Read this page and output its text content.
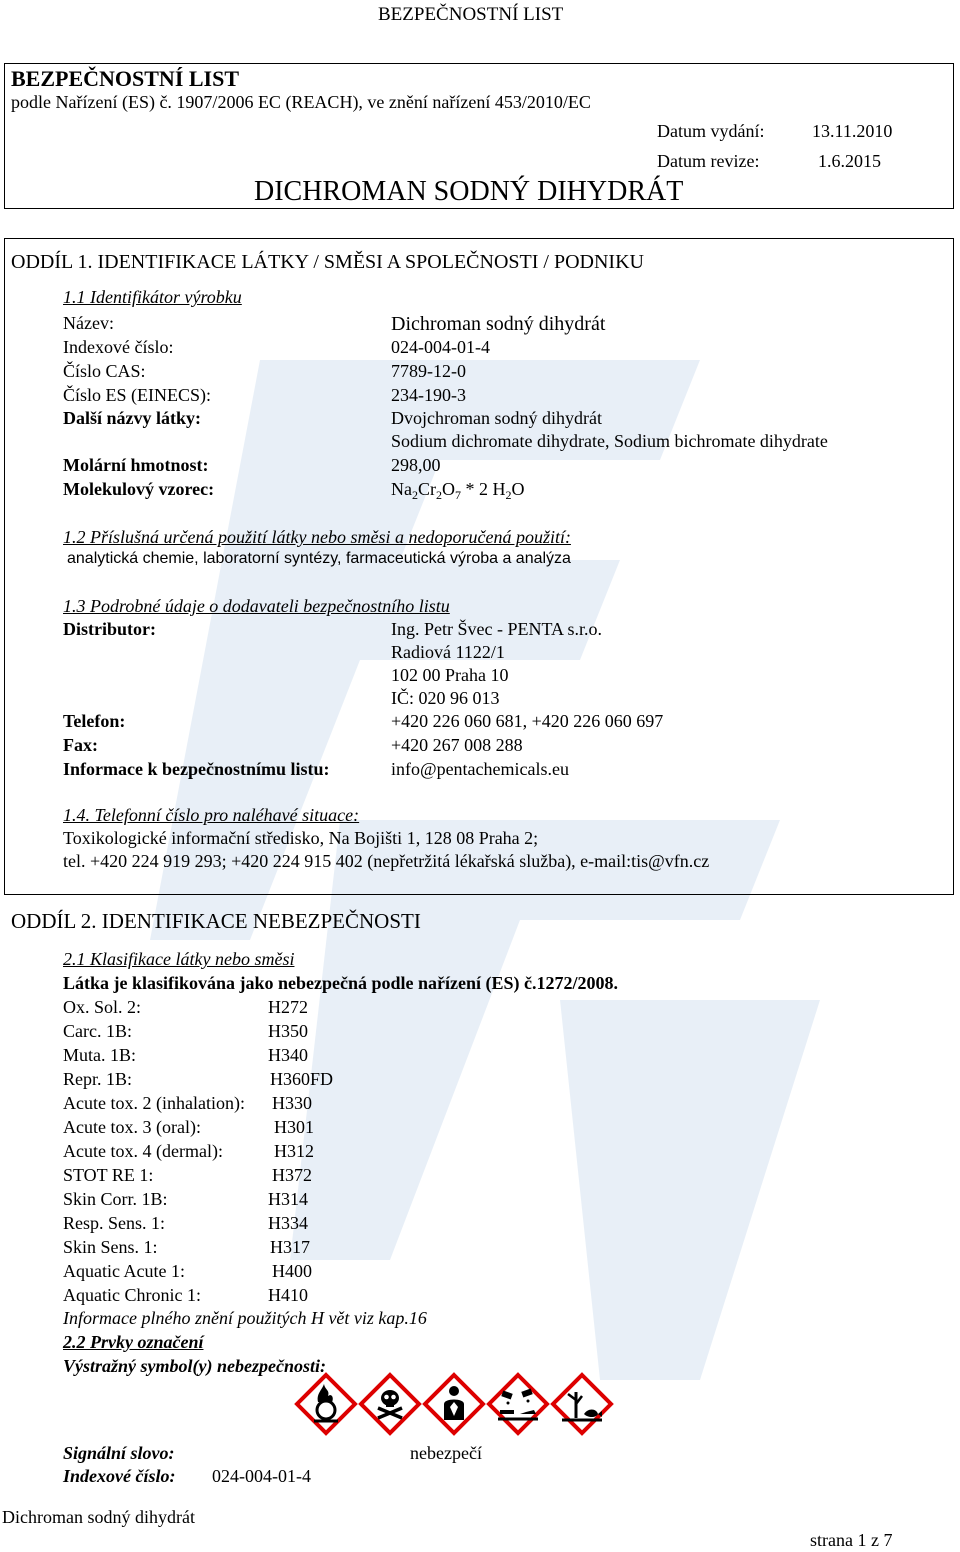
BEZPEČNOSTNÍ LIST
BEZPEČNOSTNÍ LIST
podle Nařízení (ES) č. 1907/2006 EC (REACH), ve znění nařízení 453/2010/EC
Datum vydání:	13.11.2010
Datum revize:	1.6.2015
DICHROMAN SODNÝ DIHYDRÁT
ODDÍL 1. IDENTIFIKACE LÁTKY / SMĚSI A SPOLEČNOSTI / PODNIKU
1.1 Identifikátor výrobku
Název:	Dichroman sodný dihydrát
Indexové číslo:	024-004-01-4
Číslo CAS:	7789-12-0
Číslo ES (EINECS):	234-190-3
Další názvy látky:	Dvojchroman sodný dihydrát
Sodium dichromate dihydrate, Sodium bichromate dihydrate
Molární hmotnost:	298,00
Molekulový vzorec:	$Na_2Cr_2O_7 * 2$ $H_2O$
1.2 Příslušná určená použití látky nebo směsi a nedoporučená použití:
analytická chemie, laboratorní syntézy, farmaceutická výroba a analýza
1.3 Podrobné údaje o dodavateli bezpečnostního listu
Distributor:	Ing. Petr Švec - PENTA s.r.o.
Radiová 1122/1
102 00 Praha 10
IČ: 020 96 013
Telefon:	+420 226 060 681, +420 226 060 697
Fax:	+420 267 008 288
Informace k bezpečnostnímu listu:	info@pentachemicals.eu
1.4. Telefonní číslo pro naléhavé situace:
Toxikologické informační středisko, Na Bojišti 1, 128 08 Praha 2;
tel. +420 224 919 293; +420 224 915 402 (nepřetržitá lékařská služba), e-mail:tis@vfn.cz
ODDÍL 2. IDENTIFIKACE NEBEZPEČNOSTI
2.1 Klasifikace látky nebo směsi
Látka je klasifikována jako nebezpečná podle nařízení (ES) č.1272/2008.
Ox. Sol. 2:	H272
Carc. 1B:	H350
Muta. 1B:	H340
Repr. 1B:	H360FD
Acute tox. 2 (inhalation): H330
Acute tox. 3 (oral):	H301
Acute tox. 4 (dermal):	H312
STOT RE 1:	H372
Skin Corr. 1B:	H314
Resp. Sens. 1:	H334
Skin Sens. 1:	H317
Aquatic Acute 1:	H400
Aquatic Chronic 1:	H410
Informace plného znění použitých H vět viz kap.16
2.2 Prvky označení
Výstražný symbol(y) nebezpečnosti:
Signální slovo:	nebezpečí
Indexové číslo: 024-004-01-4
Dichroman sodný dihydrát
strana 1 z 7
